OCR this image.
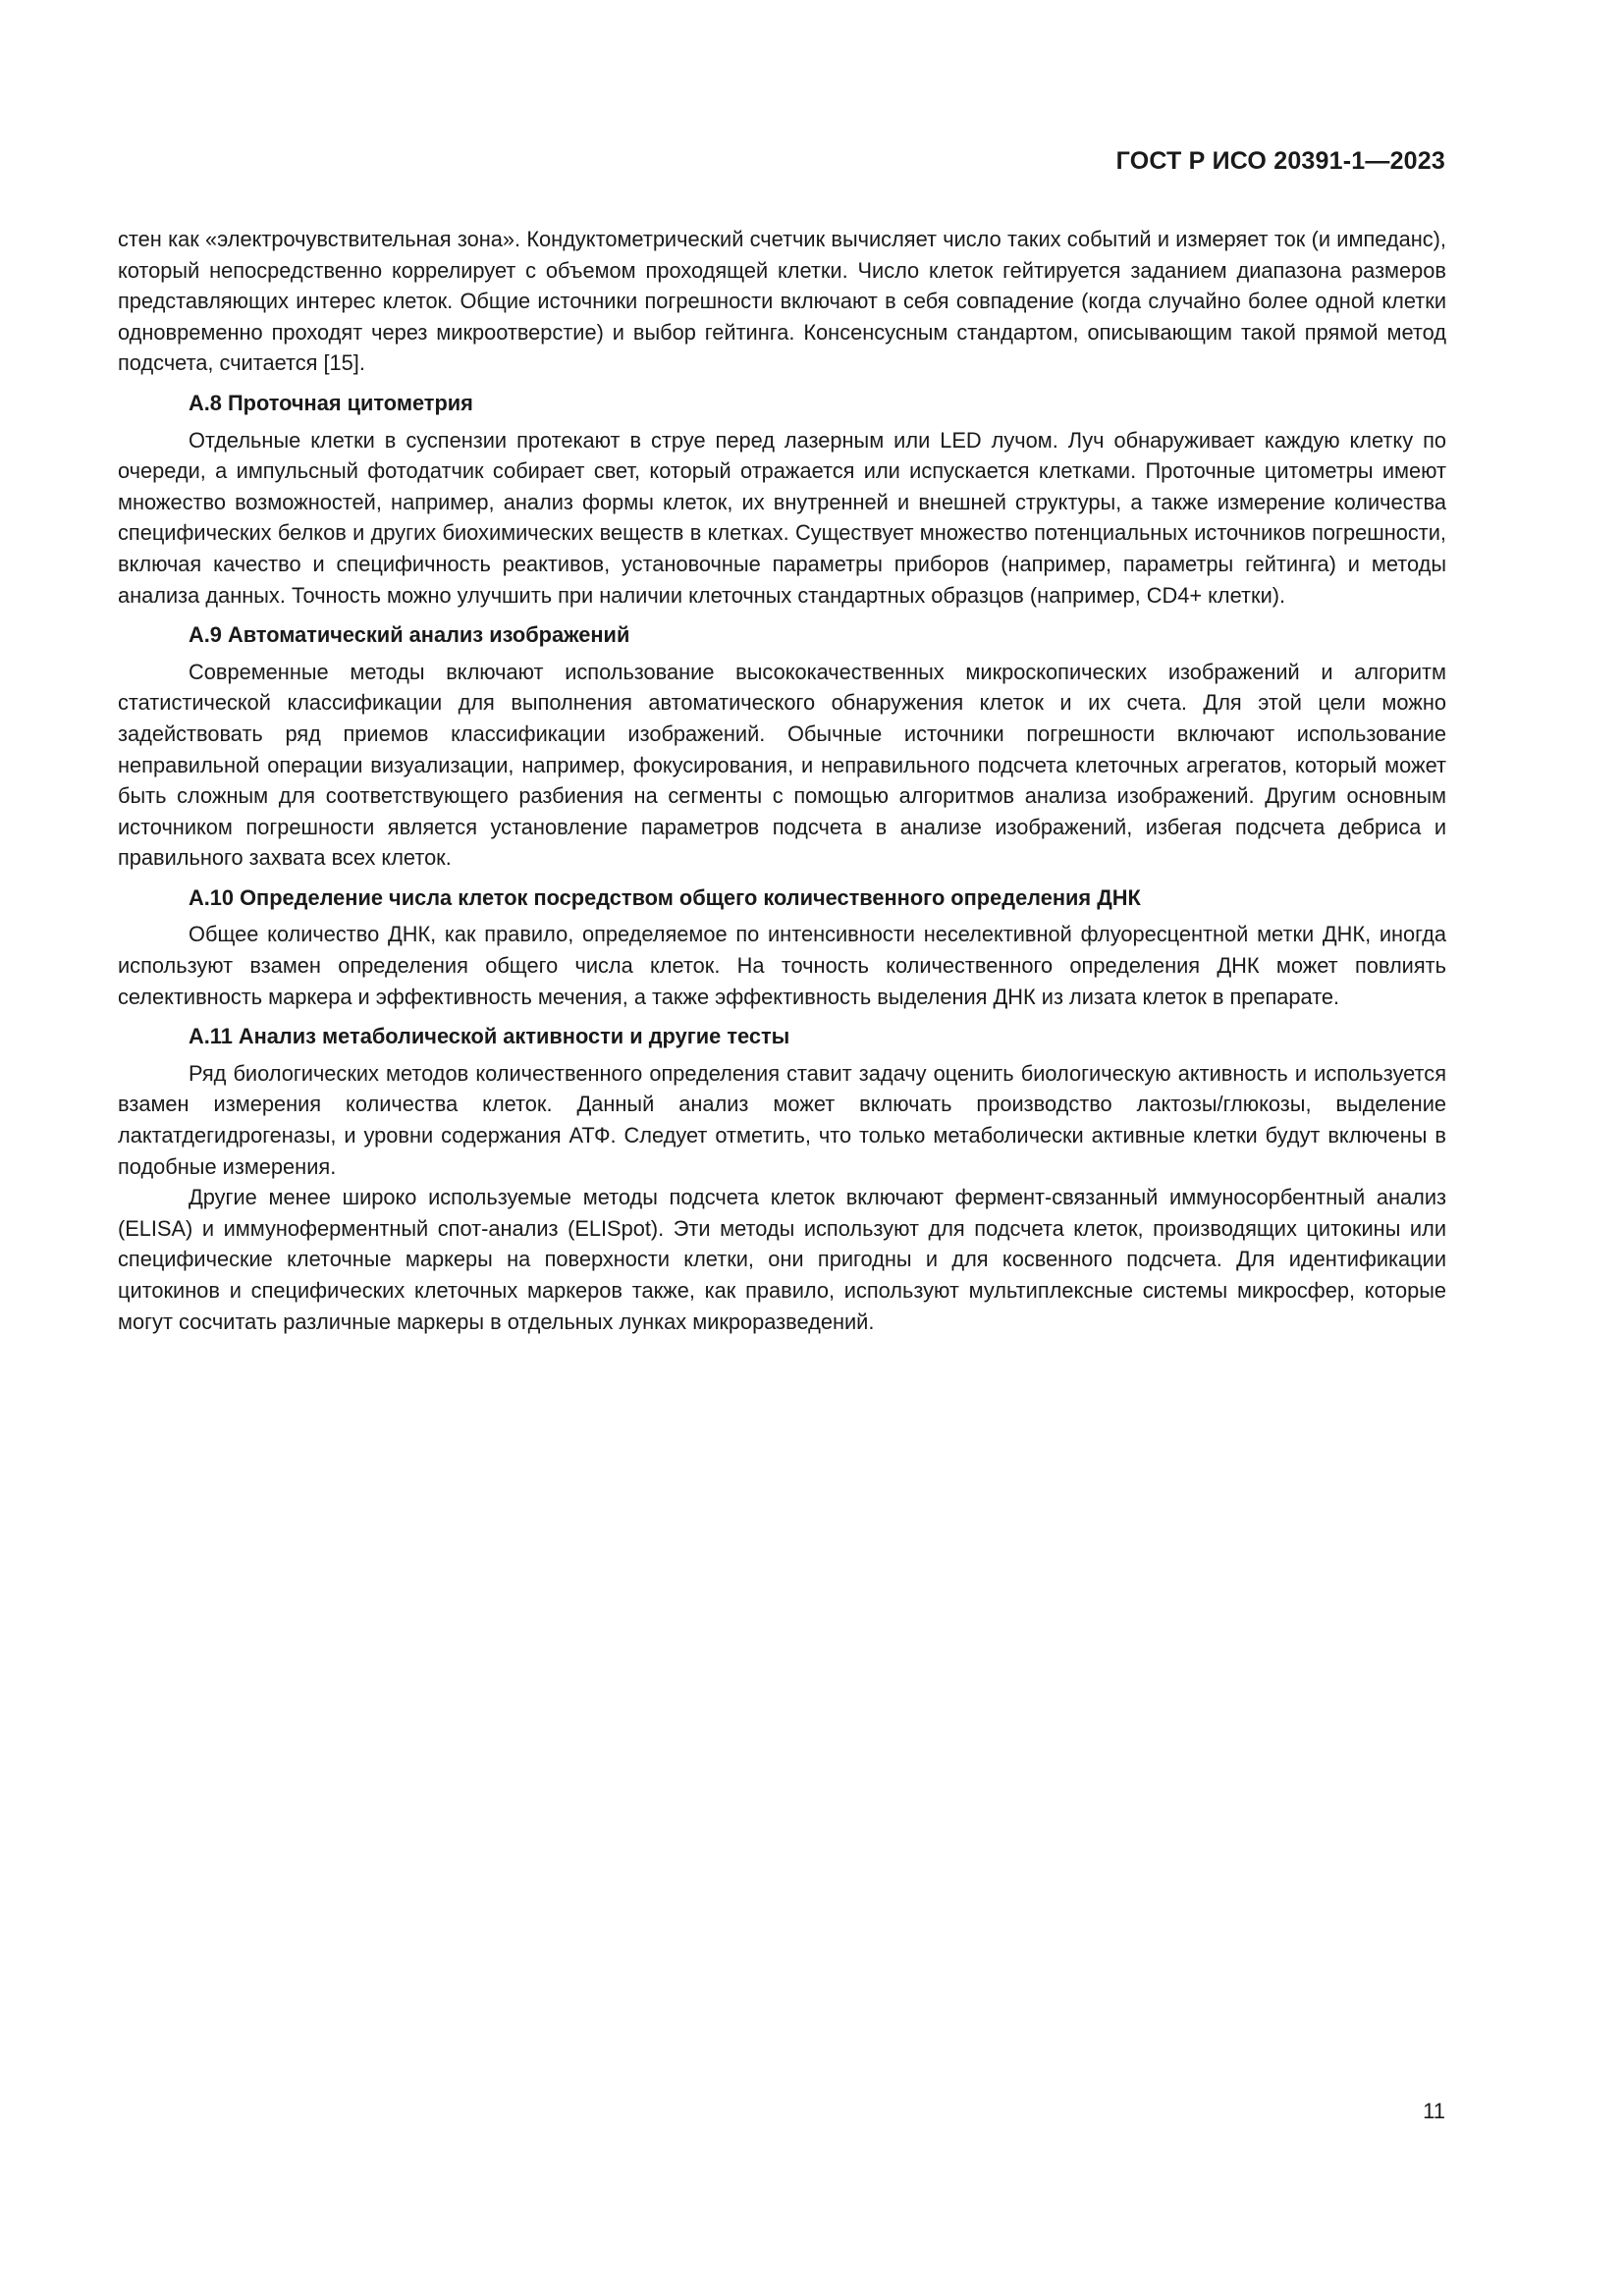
ГОСТ Р ИСО 20391-1—2023

стен как «электрочувствительная зона». Кондуктометрический счетчик вычисляет число таких событий и измеряет ток (и импеданс), который непосредственно коррелирует с объемом проходящей клетки. Число клеток гейтируется заданием диапазона размеров представляющих интерес клеток. Общие источники погрешности включают в себя совпадение (когда случайно более одной клетки одновременно проходят через микроотверстие) и выбор гейтинга. Консенсусным стандартом, описывающим такой прямой метод подсчета, считается [15].

А.8 Проточная цитометрия

Отдельные клетки в суспензии протекают в струе перед лазерным или LED лучом. Луч обнаруживает каждую клетку по очереди, а импульсный фотодатчик собирает свет, который отражается или испускается клетками. Проточные цитометры имеют множество возможностей, например, анализ формы клеток, их внутренней и внешней структуры, а также измерение количества специфических белков и других биохимических веществ в клетках. Существует множество потенциальных источников погрешности, включая качество и специфичность реактивов, установочные параметры приборов (например, параметры гейтинга) и методы анализа данных. Точность можно улучшить при наличии клеточных стандартных образцов (например, CD4+ клетки).

А.9 Автоматический анализ изображений

Современные методы включают использование высококачественных микроскопических изображений и алгоритм статистической классификации для выполнения автоматического обнаружения клеток и их счета. Для этой цели можно задействовать ряд приемов классификации изображений. Обычные источники погрешности включают использование неправильной операции визуализации, например, фокусирования, и неправильного подсчета клеточных агрегатов, который может быть сложным для соответствующего разбиения на сегменты с помощью алгоритмов анализа изображений. Другим основным источником погрешности является установление параметров подсчета в анализе изображений, избегая подсчета дебриса и правильного захвата всех клеток.

А.10 Определение числа клеток посредством общего количественного определения ДНК

Общее количество ДНК, как правило, определяемое по интенсивности неселективной флуоресцентной метки ДНК, иногда используют взамен определения общего числа клеток. На точность количественного определения ДНК может повлиять селективность маркера и эффективность мечения, а также эффективность выделения ДНК из лизата клеток в препарате.

А.11 Анализ метаболической активности и другие тесты

Ряд биологических методов количественного определения ставит задачу оценить биологическую активность и используется взамен измерения количества клеток. Данный анализ может включать производство лактозы/глюкозы, выделение лактатдегидрогеназы, и уровни содержания АТФ. Следует отметить, что только метаболически активные клетки будут включены в подобные измерения.

Другие менее широко используемые методы подсчета клеток включают фермент-связанный иммуносорбентный анализ (ELISA) и иммуноферментный спот-анализ (ELISpot). Эти методы используют для подсчета клеток, производящих цитокины или специфические клеточные маркеры на поверхности клетки, они пригодны и для косвенного подсчета. Для идентификации цитокинов и специфических клеточных маркеров также, как правило, используют мультиплексные системы микросфер, которые могут сосчитать различные маркеры в отдельных лунках микроразведений.

11
